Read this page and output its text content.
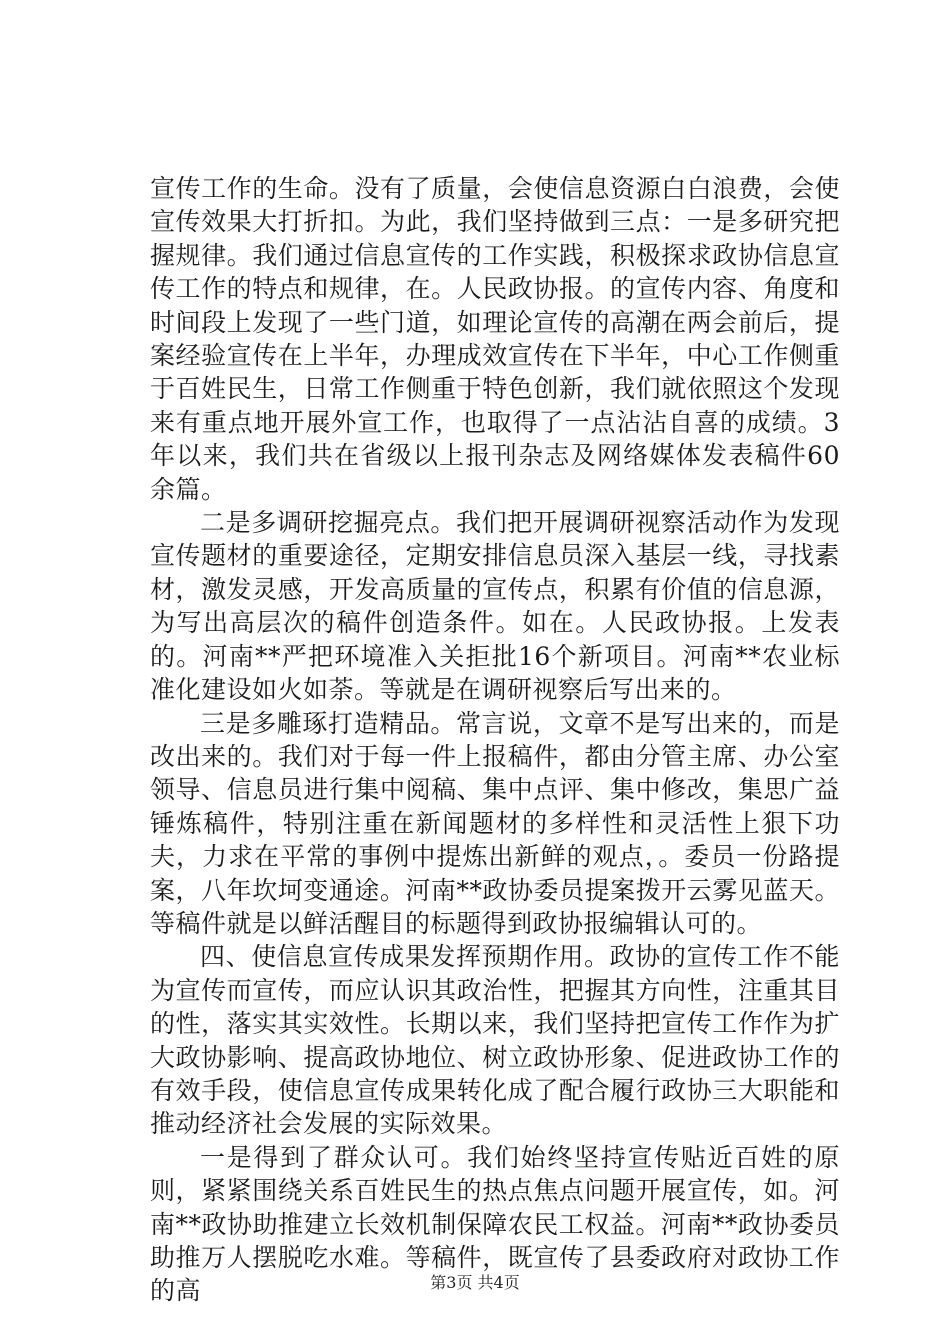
宣传工作的生命。没有了质量，会使信息资源白白浪费，会使宣传效果大打折扣。为此，我们坚持做到三点：一是多研究把握规律。我们通过信息宣传的工作实践，积极探求政协信息宣传工作的特点和规律，在。人民政协报。的宣传内容、角度和时间段上发现了一些门道，如理论宣传的高潮在两会前后，提案经验宣传在上半年，办理成效宣传在下半年，中心工作侧重于百姓民生，日常工作侧重于特色创新，我们就依照这个发现来有重点地开展外宣工作，也取得了一点沾沾自喜的成绩。3年以来，我们共在省级以上报刊杂志及网络媒体发表稿件60余篇。

二是多调研挖掘亮点。我们把开展调研视察活动作为发现宣传题材的重要途径，定期安排信息员深入基层一线，寻找素材，激发灵感，开发高质量的宣传点，积累有价值的信息源，为写出高层次的稿件创造条件。如在。人民政协报。上发表的。河南**严把环境准入关拒批16个新项目。河南**农业标准化建设如火如荼。等就是在调研视察后写出来的。

三是多雕琢打造精品。常言说，文章不是写出来的，而是改出来的。我们对于每一件上报稿件，都由分管主席、办公室领导、信息员进行集中阅稿、集中点评、集中修改，集思广益锤炼稿件，特别注重在新闻题材的多样性和灵活性上狠下功夫，力求在平常的事例中提炼出新鲜的观点，。委员一份路提案，八年坎坷变通途。河南**政协委员提案拨开云雾见蓝天。等稿件就是以鲜活醒目的标题得到政协报编辑认可的。

四、使信息宣传成果发挥预期作用。政协的宣传工作不能为宣传而宣传，而应认识其政治性，把握其方向性，注重其目的性，落实其实效性。长期以来，我们坚持把宣传工作作为扩大政协影响、提高政协地位、树立政协形象、促进政协工作的有效手段，使信息宣传成果转化成了配合履行政协三大职能和推动经济社会发展的实际效果。

一是得到了群众认可。我们始终坚持宣传贴近百姓的原则，紧紧围绕关系百姓民生的热点焦点问题开展宣传，如。河南**政协助推建立长效机制保障农民工权益。河南**政协委员助推万人摆脱吃水难。等稿件，既宣传了县委政府对政协工作的高	第3页 共4页
